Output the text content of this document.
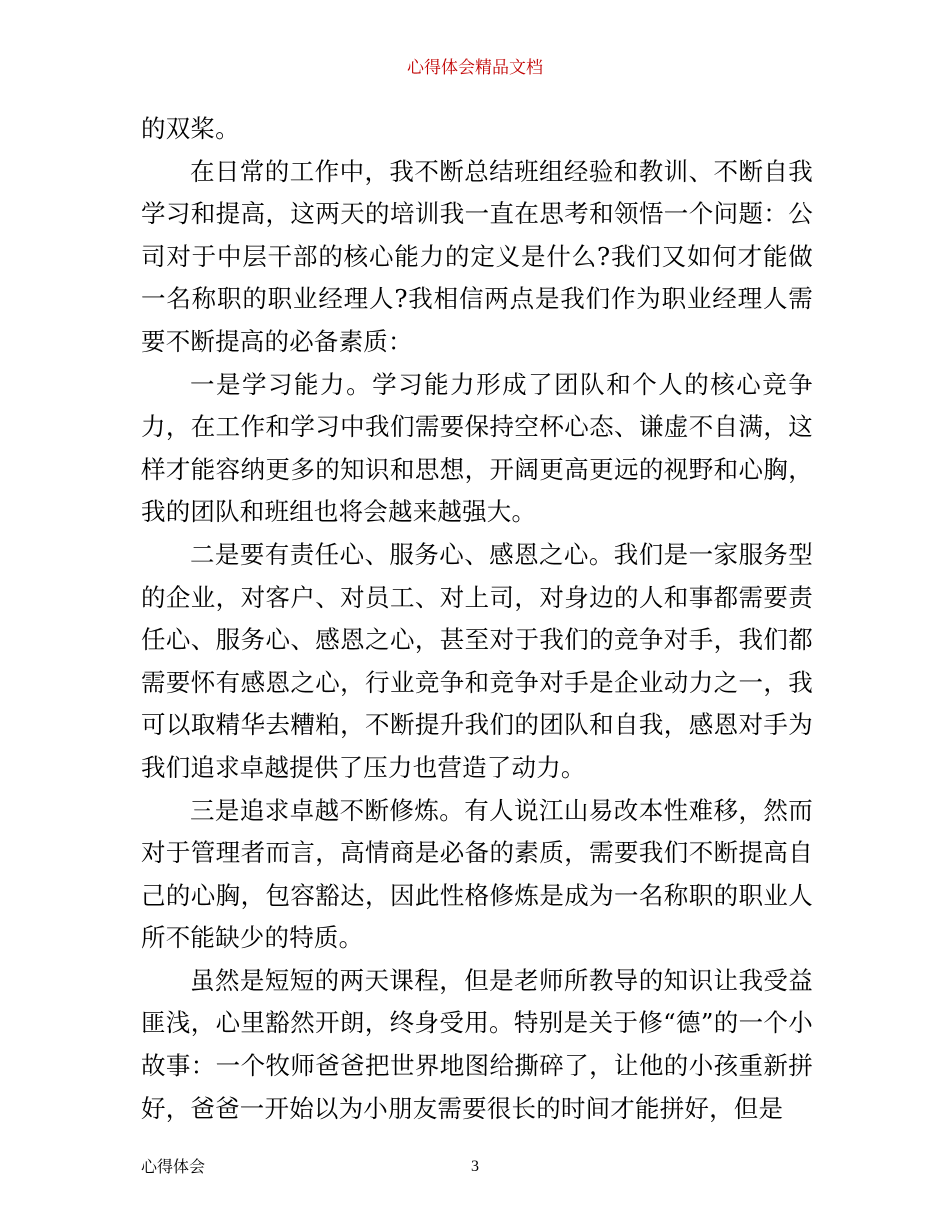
心得体会精品文档

的双桨。

在日常的工作中，我不断总结班组经验和教训、不断自我学习和提高，这两天的培训我一直在思考和领悟一个问题：公司对于中层干部的核心能力的定义是什么?我们又如何才能做一名称职的职业经理人?我相信两点是我们作为职业经理人需要不断提高的必备素质：

一是学习能力。学习能力形成了团队和个人的核心竞争力，在工作和学习中我们需要保持空杯心态、谦虚不自满，这样才能容纳更多的知识和思想，开阔更高更远的视野和心胸，我的团队和班组也将会越来越强大。

二是要有责任心、服务心、感恩之心。我们是一家服务型的企业，对客户、对员工、对上司，对身边的人和事都需要责任心、服务心、感恩之心，甚至对于我们的竞争对手，我们都需要怀有感恩之心，行业竞争和竞争对手是企业动力之一，我可以取精华去糟粕，不断提升我们的团队和自我，感恩对手为我们追求卓越提供了压力也营造了动力。

三是追求卓越不断修炼。有人说江山易改本性难移，然而对于管理者而言，高情商是必备的素质，需要我们不断提高自己的心胸，包容豁达，因此性格修炼是成为一名称职的职业人所不能缺少的特质。

虽然是短短的两天课程，但是老师所教导的知识让我受益匪浅，心里豁然开朗，终身受用。特别是关于修“德”的一个小故事：一个牧师爸爸把世界地图给撕碎了，让他的小孩重新拼好，爸爸一开始以为小朋友需要很长的时间才能拼好，但是

心得体会	3
